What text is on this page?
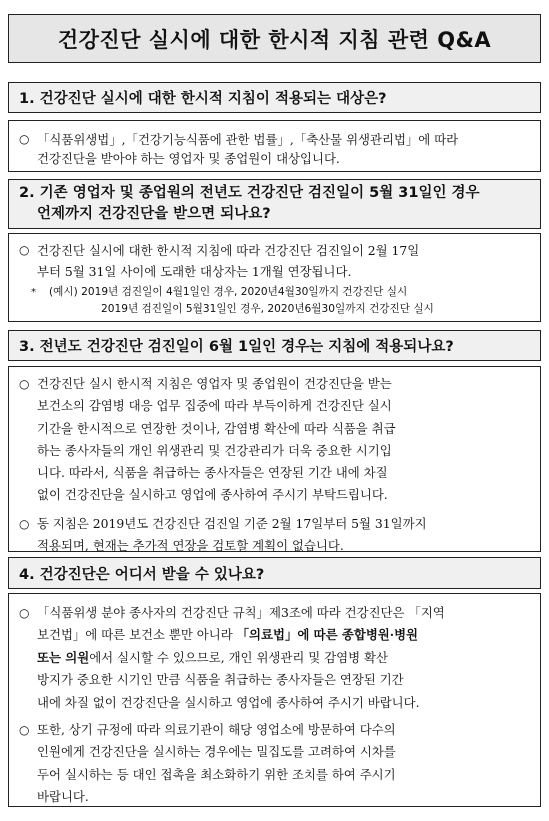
건강진단 실시에 대한 한시적 지침 관련 Q&A
1. 건강진단 실시에 대한 한시적 지침이 적용되는 대상은?
○ 「식품위생법」,「건강기능식품에 관한 법률」,「축산물 위생관리법」에 따라
건강진단을 받아야 하는 영업자 및 종업원이 대상입니다.
2. 기존 영업자 및 종업원의 전년도 건강진단 검진일이 5월 31일인 경우
언제까지 건강진단을 받으면 되나요?
○ 건강진단 실시에 대한 한시적 지침에 따라 건강진단 검진일이 2월 17일
부터 5월 31일 사이에 도래한 대상자는 1개월 연장됩니다.
* (예시) 2019년 검진일이 4월1일인 경우, 2020년4월30일까지 건강진단 실시
2019년 검진일이 5월31일인 경우, 2020년6월30일까지 건강진단 실시
3. 전년도 건강진단 검진일이 6월 1일인 경우는 지침에 적용되나요?
○ 건강진단 실시 한시적 지침은 영업자 및 종업원이 건강진단을 받는
보건소의 감염병 대응 업무 집중에 따라 부득이하게 건강진단 실시
기간을 한시적으로 연장한 것이나, 감염병 확산에 따라 식품을 취급
하는 종사자들의 개인 위생관리 및 건강관리가 더욱 중요한 시기입
니다. 따라서, 식품을 취급하는 종사자들은 연장된 기간 내에 차질
없이 건강진단을 실시하고 영업에 종사하여 주시기 부탁드립니다.
○ 동 지침은 2019년도 건강진단 검진일 기준 2월 17일부터 5월 31일까지
적용되며, 현재는 추가적 연장을 검토할 계획이 없습니다.
4. 건강진단은 어디서 받을 수 있나요?
○ 「식품위생 분야 종사자의 건강진단 규칙」제3조에 따라 건강진단은 「지역
보건법」에 따른 보건소 뿐만 아니라 「의료법」에 따른 종합병원·병원
또는 의원에서 실시할 수 있으므로, 개인 위생관리 및 감염병 확산
방지가 중요한 시기인 만큼 식품을 취급하는 종사자들은 연장된 기간
내에 차질 없이 건강진단을 실시하고 영업에 종사하여 주시기 바랍니다.
○ 또한, 상기 규정에 따라 의료기관이 해당 영업소에 방문하여 다수의
인원에게 건강진단을 실시하는 경우에는 밀집도를 고려하여 시차를
두어 실시하는 등 대인 접촉을 최소화하기 위한 조치를 하여 주시기
바랍니다.
